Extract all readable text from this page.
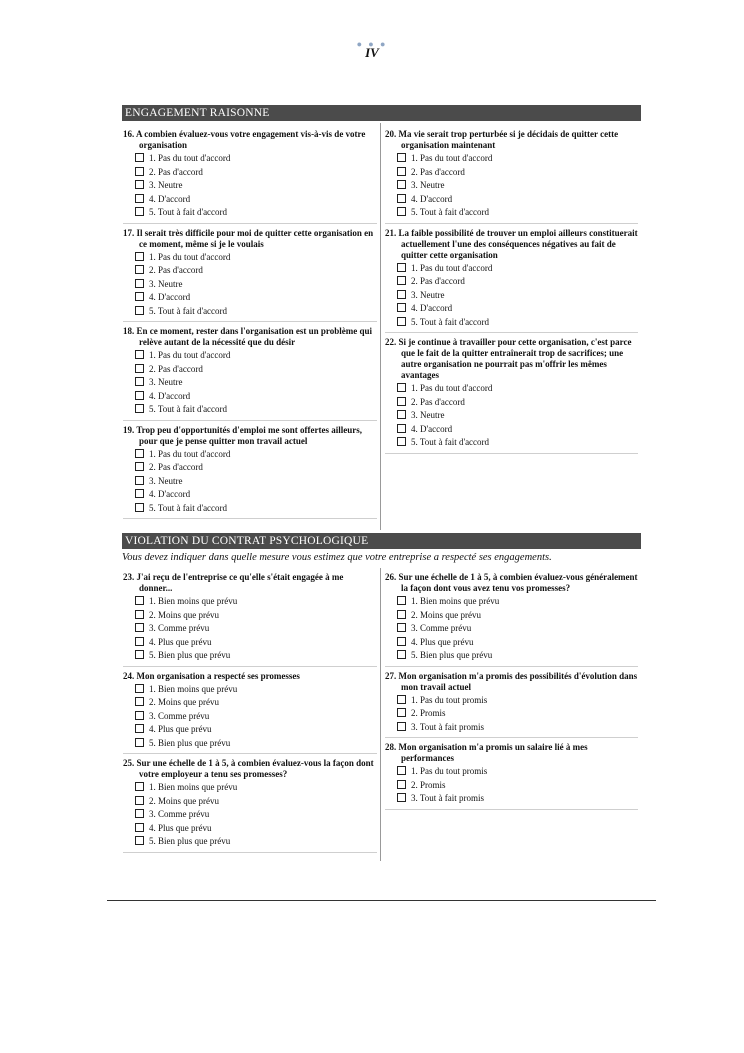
● ● ●
IV
ENGAGEMENT RAISONNE
16. A combien évaluez-vous votre engagement vis-à-vis de votre organisation
1. Pas du tout d'accord
2. Pas d'accord
3. Neutre
4. D'accord
5. Tout à fait d'accord
17. Il serait très difficile pour moi de quitter cette organisation en ce moment, même si je le voulais
1. Pas du tout d'accord
2. Pas d'accord
3. Neutre
4. D'accord
5. Tout à fait d'accord
18. En ce moment, rester dans l'organisation est un problème qui relève autant de la nécessité que du désir
1. Pas du tout d'accord
2. Pas d'accord
3. Neutre
4. D'accord
5. Tout à fait d'accord
19. Trop peu d'opportunités d'emploi me sont offertes ailleurs, pour que je pense quitter mon travail actuel
1. Pas du tout d'accord
2. Pas d'accord
3. Neutre
4. D'accord
5. Tout à fait d'accord
20. Ma vie serait trop perturbée si je décidais de quitter cette organisation maintenant
1. Pas du tout d'accord
2. Pas d'accord
3. Neutre
4. D'accord
5. Tout à fait d'accord
21. La faible possibilité de trouver un emploi ailleurs constituerait actuellement l'une des conséquences négatives au fait de quitter cette organisation
1. Pas du tout d'accord
2. Pas d'accord
3. Neutre
4. D'accord
5. Tout à fait d'accord
22. Si je continue à travailler pour cette organisation, c'est parce que le fait de la quitter entraînerait trop de sacrifices; une autre organisation ne pourrait pas m'offrir les mêmes avantages
1. Pas du tout d'accord
2. Pas d'accord
3. Neutre
4. D'accord
5. Tout à fait d'accord
VIOLATION DU CONTRAT PSYCHOLOGIQUE
Vous devez indiquer dans quelle mesure vous estimez que votre entreprise a respecté ses engagements.
23. J'ai reçu de l'entreprise ce qu'elle s'était engagée à me donner...
1. Bien moins que prévu
2. Moins que prévu
3. Comme prévu
4. Plus que prévu
5. Bien plus que prévu
24. Mon organisation a respecté ses promesses
1. Bien moins que prévu
2. Moins que prévu
3. Comme prévu
4. Plus que prévu
5. Bien plus que prévu
25. Sur une échelle de 1 à 5, à combien évaluez-vous la façon dont votre employeur a tenu ses promesses?
1. Bien moins que prévu
2. Moins que prévu
3. Comme prévu
4. Plus que prévu
5. Bien plus que prévu
26. Sur une échelle de 1 à 5, à combien évaluez-vous généralement la façon dont vous avez tenu vos promesses?
1. Bien moins que prévu
2. Moins que prévu
3. Comme prévu
4. Plus que prévu
5. Bien plus que prévu
27. Mon organisation m'a promis des possibilités d'évolution dans mon travail actuel
1. Pas du tout promis
2. Promis
3. Tout à fait promis
28. Mon organisation m'a promis un salaire lié à mes performances
1. Pas du tout promis
2. Promis
3. Tout à fait promis
